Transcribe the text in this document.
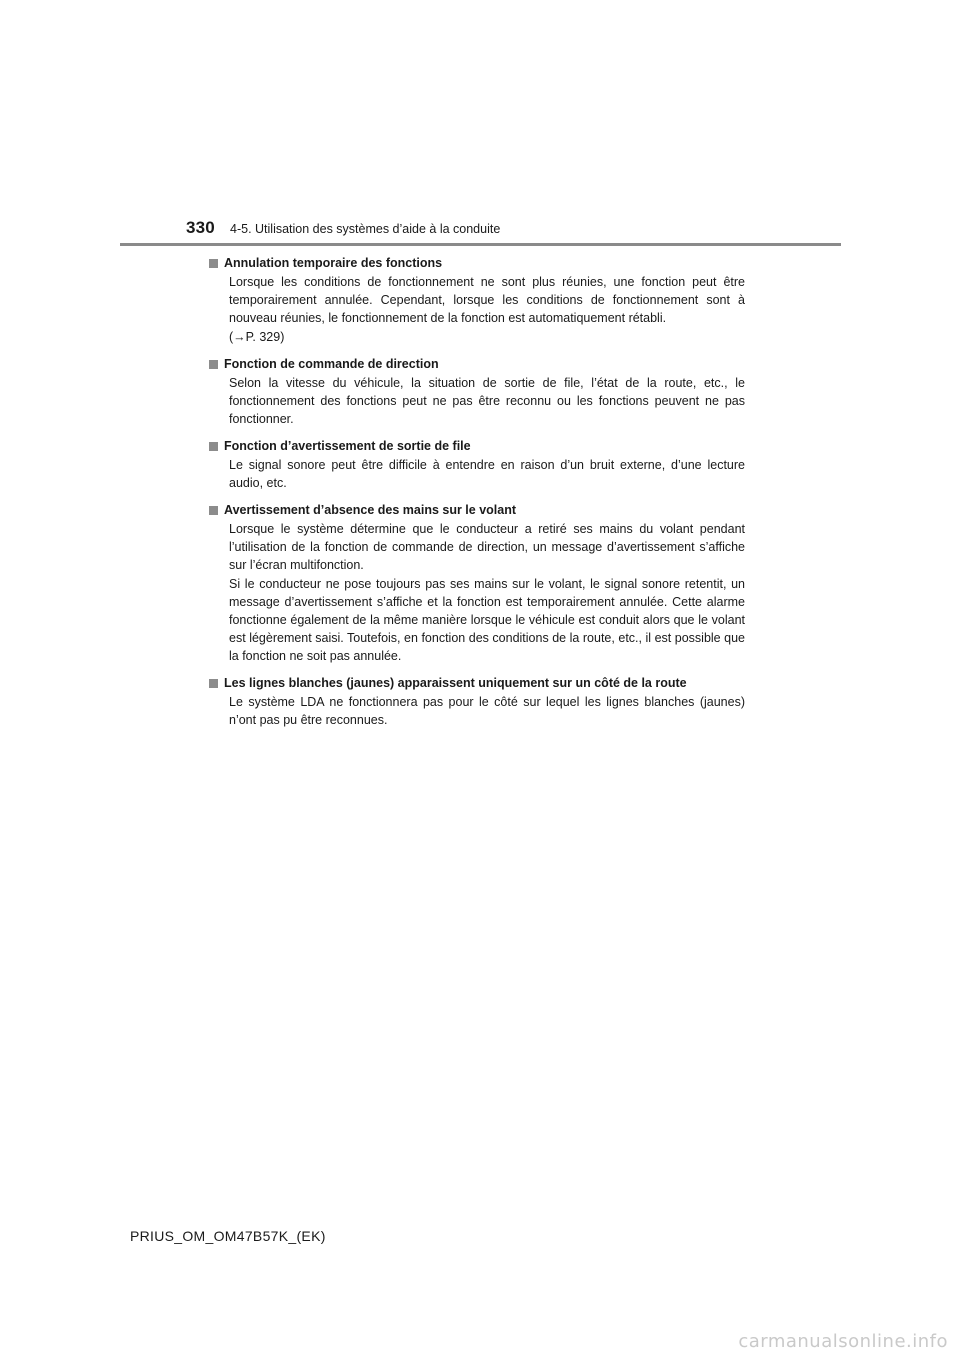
330 4-5. Utilisation des systèmes d’aide à la conduite
Annulation temporaire des fonctions

Lorsque les conditions de fonctionnement ne sont plus réunies, une fonction peut être temporairement annulée. Cependant, lorsque les conditions de fonctionnement sont à nouveau réunies, le fonctionnement de la fonction est automatiquement rétabli.

(→P. 329)

Fonction de commande de direction

Selon la vitesse du véhicule, la situation de sortie de file, l’état de la route, etc., le fonctionnement des fonctions peut ne pas être reconnu ou les fonctions peuvent ne pas fonctionner.

Fonction d’avertissement de sortie de file

Le signal sonore peut être difficile à entendre en raison d’un bruit externe, d’une lecture audio, etc.

Avertissement d’absence des mains sur le volant

Lorsque le système détermine que le conducteur a retiré ses mains du volant pendant l’utilisation de la fonction de commande de direction, un message d’avertissement s’affiche sur l’écran multifonction.

Si le conducteur ne pose toujours pas ses mains sur le volant, le signal sonore retentit, un message d’avertissement s’affiche et la fonction est temporairement annulée. Cette alarme fonctionne également de la même manière lorsque le véhicule est conduit alors que le volant est légèrement saisi. Toutefois, en fonction des conditions de la route, etc., il est possible que la fonction ne soit pas annulée.

Les lignes blanches (jaunes) apparaissent uniquement sur un côté de la route

Le système LDA ne fonctionnera pas pour le côté sur lequel les lignes blanches (jaunes) n’ont pas pu être reconnues.

PRIUS_OM_OM47B57K_(EK)
carmanualsonline.info
